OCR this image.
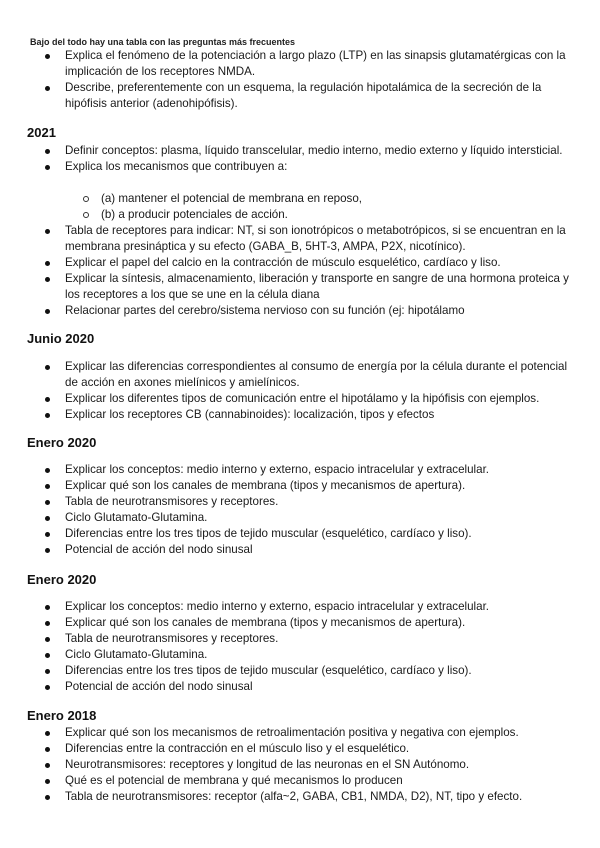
Bajo del todo hay una tabla con las preguntas más frecuentes
Explica el fenómeno de la potenciación a largo plazo (LTP) en las sinapsis glutamatérgicas con la implicación de los receptores NMDA.
Describe, preferentemente con un esquema, la regulación hipotalámica de la secreción de la hipófisis anterior (adenohipófisis).
2021
Definir conceptos: plasma, líquido transcelular, medio interno, medio externo y líquido intersticial.
Explica los mecanismos que contribuyen a:
(a) mantener el potencial de membrana en reposo,
(b) a producir potenciales de acción.
Tabla de receptores para indicar: NT, si son ionotrópicos o metabotrópicos, si se encuentran en la membrana presináptica y su efecto (GABA_B, 5HT-3, AMPA, P2X, nicotínico).
Explicar el papel del calcio en la contracción de músculo esquelético, cardíaco y liso.
Explicar la síntesis, almacenamiento, liberación y transporte en sangre de una hormona proteica y los receptores a los que se une en la célula diana
Relacionar partes del cerebro/sistema nervioso con su función (ej: hipotálamo
Junio 2020
Explicar las diferencias correspondientes al consumo de energía por la célula durante el potencial de acción en axones mielínicos y amielínicos.
Explicar los diferentes tipos de comunicación entre el hipotálamo y la hipófisis con ejemplos.
Explicar los receptores CB (cannabinoides): localización, tipos y efectos
Enero 2020
Explicar los conceptos: medio interno y externo, espacio intracelular y extracelular.
Explicar qué son los canales de membrana (tipos y mecanismos de apertura).
Tabla de neurotransmisores y receptores.
Ciclo Glutamato-Glutamina.
Diferencias entre los tres tipos de tejido muscular (esquelético, cardíaco y liso).
Potencial de acción del nodo sinusal
Enero 2020
Explicar los conceptos: medio interno y externo, espacio intracelular y extracelular.
Explicar qué son los canales de membrana (tipos y mecanismos de apertura).
Tabla de neurotransmisores y receptores.
Ciclo Glutamato-Glutamina.
Diferencias entre los tres tipos de tejido muscular (esquelético, cardíaco y liso).
Potencial de acción del nodo sinusal
Enero 2018
Explicar qué son los mecanismos de retroalimentación positiva y negativa con ejemplos.
Diferencias entre la contracción en el músculo liso y el esquelético.
Neurotransmisores: receptores y longitud de las neuronas en el SN Autónomo.
Qué es el potencial de membrana y qué mecanismos lo producen
Tabla de neurotransmisores: receptor (alfa~2, GABA, CB1, NMDA, D2), NT, tipo y efecto.
